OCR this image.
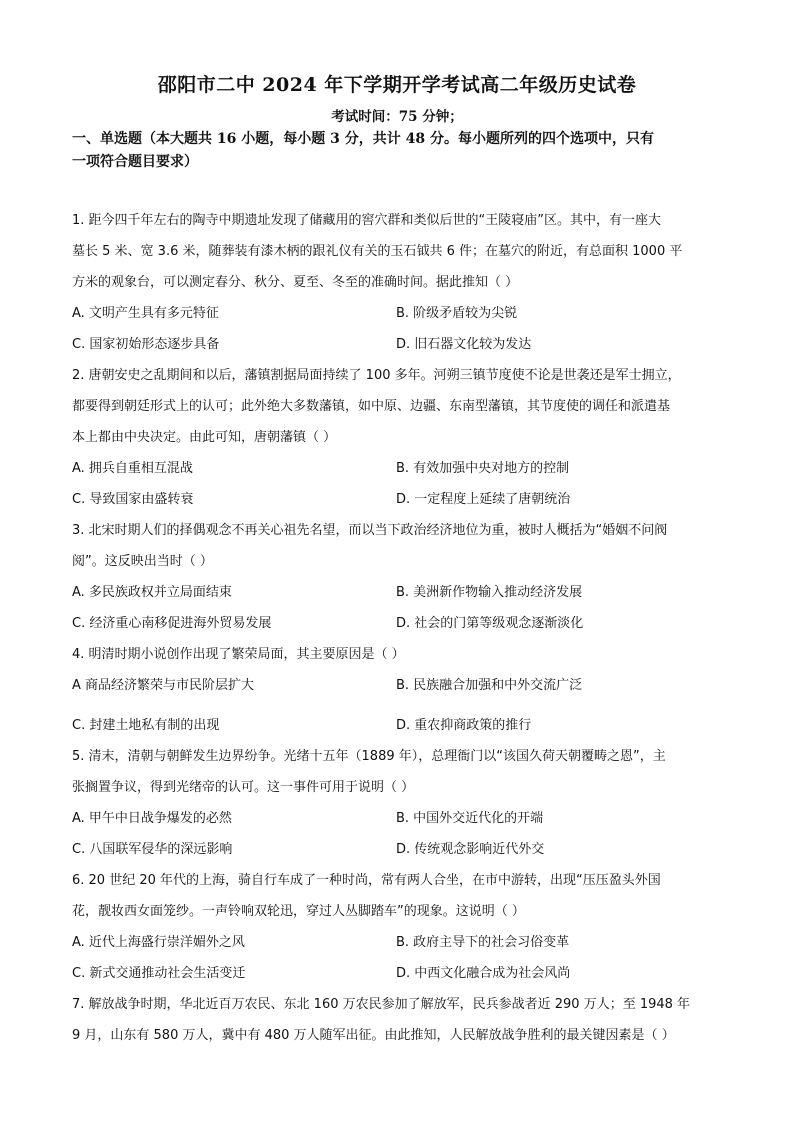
邵阳市二中 2024 年下学期开学考试高二年级历史试卷
考试时间：75 分钟；
一、单选题（本大题共 16 小题，每小题 3 分，共计 48 分。每小题所列的四个选项中，只有
一项符合题目要求）
1. 距今四千年左右的陶寺中期遗址发现了储藏用的窖穴群和类似后世的“王陵寝庙”区。其中，有一座大
墓长 5 米、宽 3.6 米，随葬装有漆木柄的跟礼仪有关的玉石钺共 6 件；在墓穴的附近，有总面积 1000 平
方米的观象台，可以测定春分、秋分、夏至、冬至的准确时间。据此推知（ ）
A. 文明产生具有多元特征	B. 阶级矛盾较为尖锐
C. 国家初始形态逐步具备	D. 旧石器文化较为发达
2. 唐朝安史之乱期间和以后，藩镇割据局面持续了 100 多年。河朔三镇节度使不论是世袭还是军士拥立，
都要得到朝廷形式上的认可；此外绝大多数藩镇，如中原、边疆、东南型藩镇，其节度使的调任和派遣基
本上都由中央决定。由此可知，唐朝藩镇（ ）
A. 拥兵自重相互混战	B. 有效加强中央对地方的控制
C. 导致国家由盛转衰	D. 一定程度上延续了唐朝统治
3. 北宋时期人们的择偶观念不再关心祖先名望，而以当下政治经济地位为重，被时人概括为“婚姻不问阀
阅”。这反映出当时（ ）
A. 多民族政权并立局面结束	B. 美洲新作物输入推动经济发展
C. 经济重心南移促进海外贸易发展	D. 社会的门第等级观念逐渐淡化
4. 明清时期小说创作出现了繁荣局面，其主要原因是（ ）
A 商品经济繁荣与市民阶层扩大	B. 民族融合加强和中外交流广泛
C. 封建土地私有制的出现	D. 重农抑商政策的推行
5. 清末，清朝与朝鲜发生边界纷争。光绪十五年（1889 年），总理衙门以“该国久荷天朝覆畴之恩”，主
张搁置争议，得到光绪帝的认可。这一事件可用于说明（ ）
A. 甲午中日战争爆发的必然	B. 中国外交近代化的开端
C. 八国联军侵华的深远影响	D. 传统观念影响近代外交
6. 20 世纪 20 年代的上海，骑自行车成了一种时尚，常有两人合坐，在市中游转，出现“压压盈头外国
花，靓妆西女面笼纱。一声铃响双轮迅，穿过人丛脚踏车”的现象。这说明（ ）
A. 近代上海盛行崇洋媚外之风	B. 政府主导下的社会习俗变革
C. 新式交通推动社会生活变迁	D. 中西文化融合成为社会风尚
7. 解放战争时期，华北近百万农民、东北 160 万农民参加了解放军，民兵参战者近 290 万人；至 1948 年
9 月，山东有 580 万人，冀中有 480 万人随军出征。由此推知，人民解放战争胜利的最关键因素是（ ）
